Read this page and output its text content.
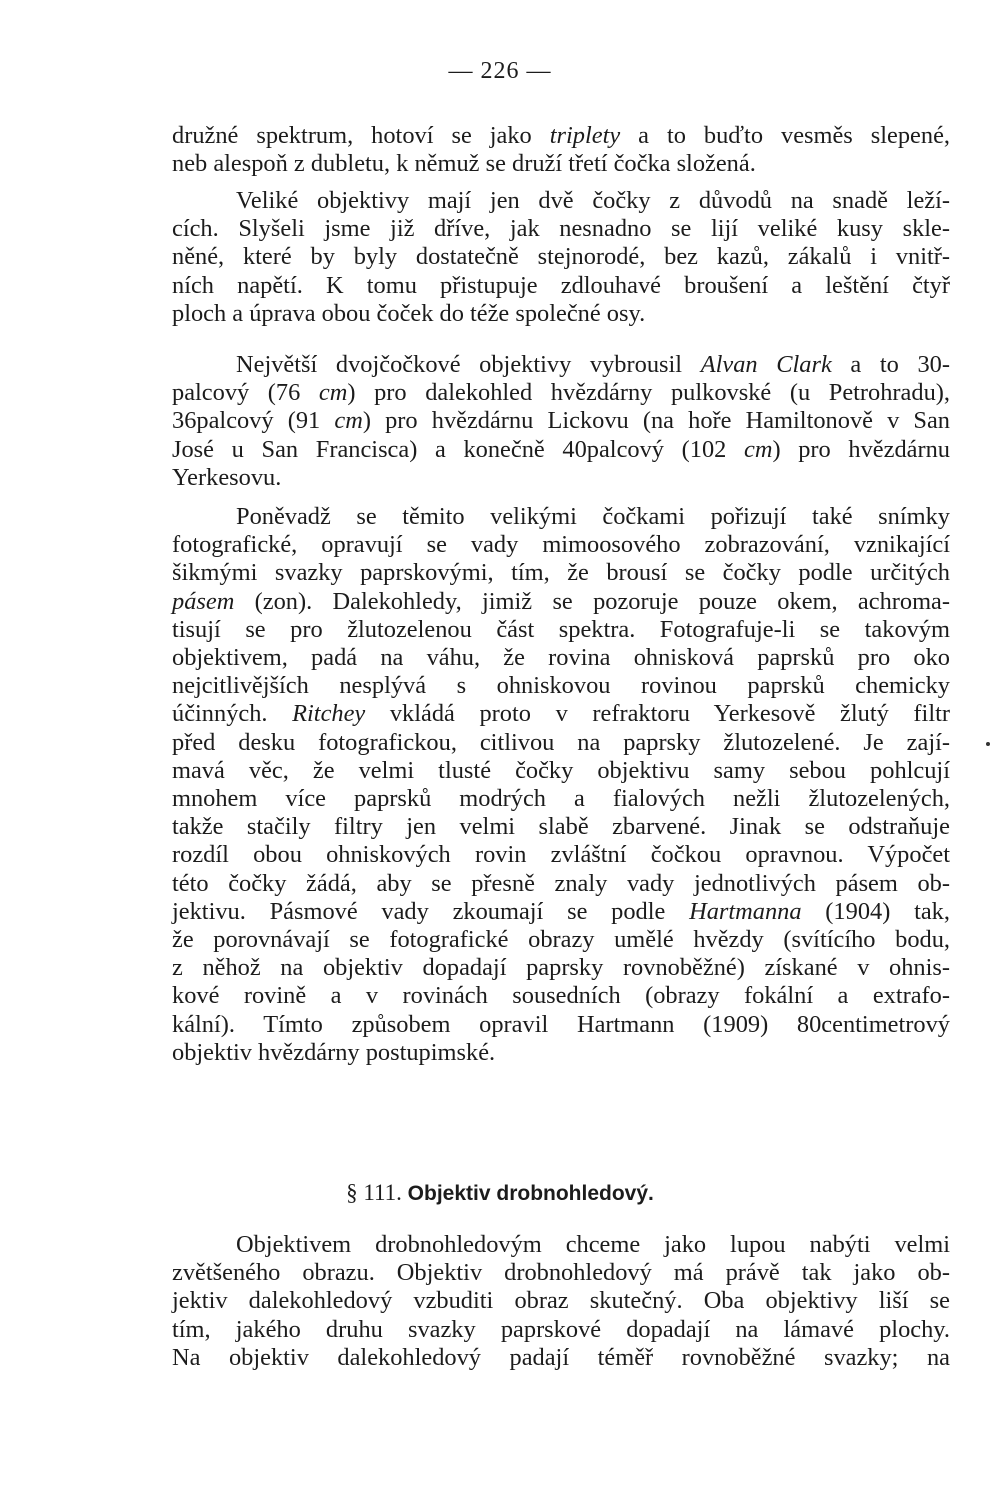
— 226 —
družné spektrum, hotoví se jako triplety a to buďto vesměs slepené,
neb alespoň z dubletu, k němuž se druží třetí čočka složená.
Veliké objektivy mají jen dvě čočky z důvodů na snadě leží-
cích. Slyšeli jsme již dříve, jak nesnadno se lijí veliké kusy skle-
něné, které by byly dostatečně stejnorodé, bez kazů, zákalů i vnitř-
ních napětí. K tomu přistupuje zdlouhavé broušení a leštění čtyř
ploch a úprava obou čoček do téže společné osy.
Největší dvojčočkové objektivy vybrousil Alvan Clark a to 30-
palcový (76 cm) pro dalekohled hvězdárny pulkovské (u Petrohradu),
36palcový (91 cm) pro hvězdárnu Lickovu (na hoře Hamiltonově v San
José u San Francisca) a konečně 40palcový (102 cm) pro hvězdárnu
Yerkesovu.
Poněvadž se těmito velikými čočkami pořizují také snímky
fotografické, opravují se vady mimoosového zobrazování, vznikající
šikmými svazky paprskovými, tím, že brousí se čočky podle určitých
pásem (zon). Dalekohledy, jimiž se pozoruje pouze okem, achroma-
tisují se pro žlutozelenou část spektra. Fotografuje-li se takovým
objektivem, padá na váhu, že rovina ohnisková paprsků pro oko
nejcitlivějších nesplývá s ohniskovou rovinou paprsků chemicky
účinných. Ritchey vkládá proto v refraktoru Yerkesově žlutý filtr
před desku fotografickou, citlivou na paprsky žlutozelené. Je zají-
mavá věc, že velmi tlusté čočky objektivu samy sebou pohlcují
mnohem více paprsků modrých a fialových nežli žlutozelených,
takže stačily filtry jen velmi slabě zbarvené. Jinak se odstraňuje
rozdíl obou ohniskových rovin zvláštní čočkou opravnou. Výpočet
této čočky žádá, aby se přesně znaly vady jednotlivých pásem ob-
jektivu. Pásmové vady zkoumají se podle Hartmanna (1904) tak,
že porovnávají se fotografické obrazy umělé hvězdy (svítícího bodu,
z něhož na objektiv dopadají paprsky rovnoběžné) získané v ohnis-
kové rovině a v rovinách sousedních (obrazy fokální a extrafo-
kální). Tímto způsobem opravil Hartmann (1909) 80centimetrový
objektiv hvězdárny postupimské.
§ 111. Objektiv drobnohledový.
Objektivem drobnohledovým chceme jako lupou nabýti velmi
zvětšeného obrazu. Objektiv drobnohledový má právě tak jako ob-
jektiv dalekohledový vzbuditi obraz skutečný. Oba objektivy liší se
tím, jakého druhu svazky paprskové dopadají na lámavé plochy.
Na objektiv dalekohledový padají téměř rovnoběžné svazky; na
